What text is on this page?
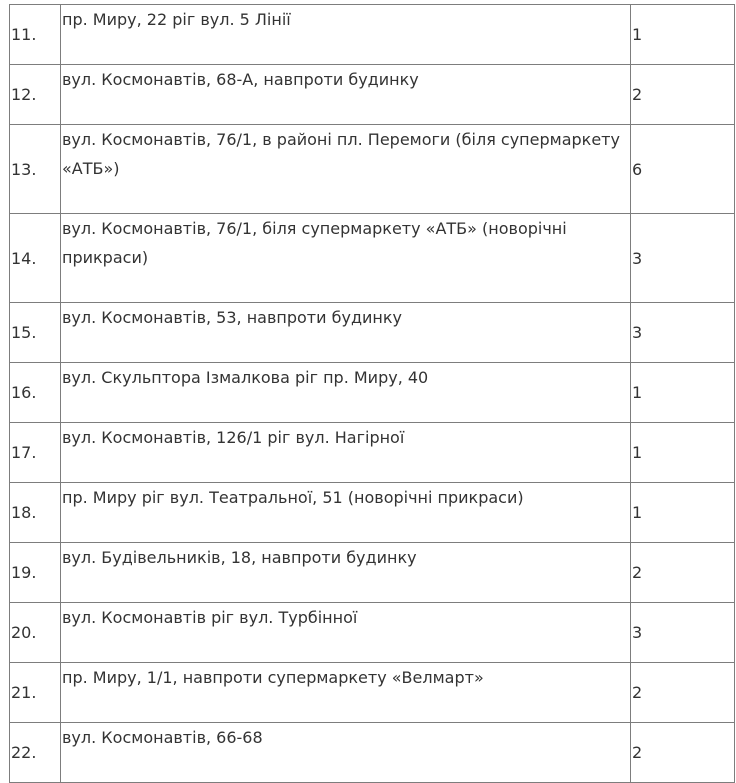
11.	пр. Миру, 22 ріг вул. 5 Лінії	1
12.	вул. Космонавтів, 68-А, навпроти будинку	2
13.	вул. Космонавтів, 76/1, в районі пл. Перемоги (біля супермаркету «АТБ»)	6
14.	вул. Космонавтів, 76/1, біля супермаркету «АТБ» (новорічні прикраси)	3
15.	вул. Космонавтів, 53, навпроти будинку	3
16.	вул. Скульптора Ізмалкова ріг пр. Миру, 40	1
17.	вул. Космонавтів, 126/1 ріг вул. Нагірної	1
18.	пр. Миру ріг вул. Театральної, 51 (новорічні прикраси)	1
19.	вул. Будівельників, 18, навпроти будинку	2
20.	вул. Космонавтів ріг вул. Турбінної	3
21.	пр. Миру, 1/1, навпроти супермаркету «Велмарт»	2
22.	вул. Космонавтів, 66-68	2
